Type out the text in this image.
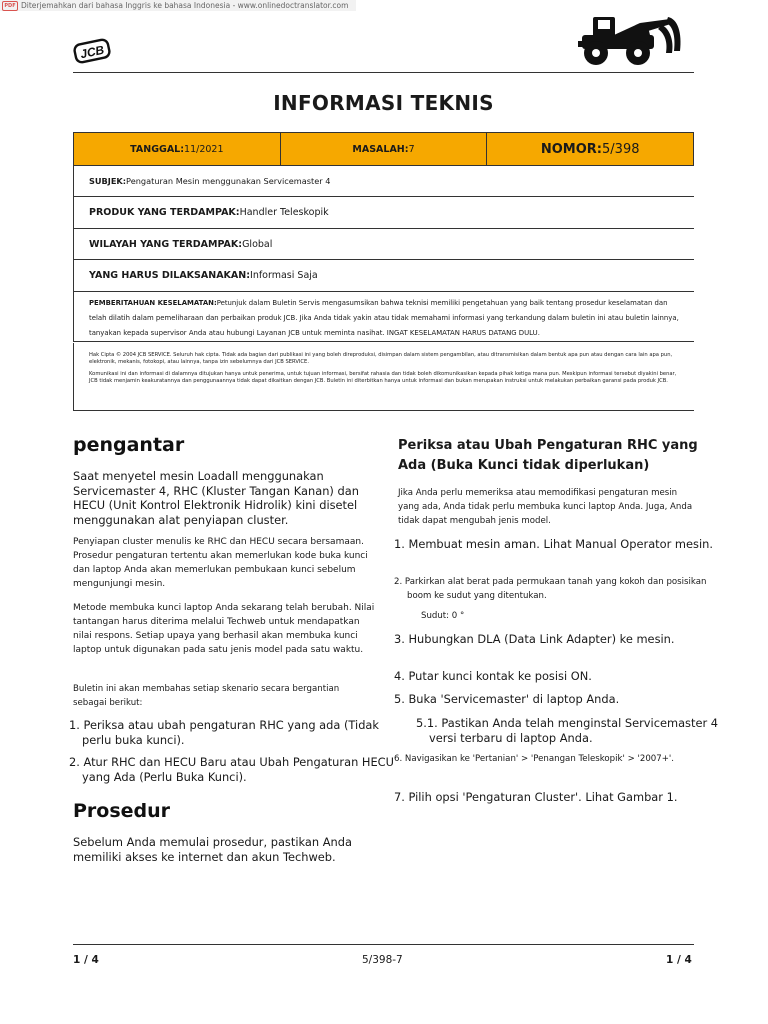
PDF Diterjemahkan dari bahasa Inggris ke bahasa Indonesia - www.onlinedoctranslator.com
JCB
INFORMASI TEKNIS
TANGGAL: 11/2021	MASALAH: 7	NOMOR: 5/398
SUBJEK: Pengaturan Mesin menggunakan Servicemaster 4
PRODUK YANG TERDAMPAK: Handler Teleskopik
WILAYAH YANG TERDAMPAK: Global
YANG HARUS DILAKSANAKAN: Informasi Saja
PEMBERITAHUAN KESELAMATAN:Petunjuk dalam Buletin Servis mengasumsikan bahwa teknisi memiliki pengetahuan yang baik tentang prosedur keselamatan dan telah dilatih dalam pemeliharaan dan perbaikan produk JCB. Jika Anda tidak yakin atau tidak memahami informasi yang terkandung dalam buletin ini atau buletin lainnya, tanyakan kepada supervisor Anda atau hubungi Layanan JCB untuk meminta nasihat. INGAT KESELAMATAN HARUS DATANG DULU.

Hak Cipta © 2004 JCB SERVICE. Seluruh hak cipta. Tidak ada bagian dari publikasi ini yang boleh direproduksi, disimpan dalam sistem pengambilan, atau ditransmisikan dalam bentuk apa pun atau dengan cara lain apa pun, elektronik, mekanis, fotokopi, atau lainnya, tanpa izin sebelumnya dari JCB SERVICE.

Komunikasi ini dan informasi di dalamnya ditujukan hanya untuk penerima, untuk tujuan informasi, bersifat rahasia dan tidak boleh dikomunikasikan kepada pihak ketiga mana pun. Meskipun informasi tersebut diyakini benar, JCB tidak menjamin keakuratannya dan penggunaannya tidak dapat dikaitkan dengan JCB. Buletin ini diterbitkan hanya untuk informasi dan bukan merupakan instruksi untuk melakukan perbaikan garansi pada produk JCB.

pengantar
Saat menyetel mesin Loadall menggunakan Servicemaster 4, RHC (Kluster Tangan Kanan) dan HECU (Unit Kontrol Elektronik Hidrolik) kini disetel menggunakan alat penyiapan cluster.
Penyiapan cluster menulis ke RHC dan HECU secara bersamaan. Prosedur pengaturan tertentu akan memerlukan kode buka kunci dan laptop Anda akan memerlukan pembukaan kunci sebelum mengunjungi mesin.
Metode membuka kunci laptop Anda sekarang telah berubah. Nilai tantangan harus diterima melalui Techweb untuk mendapatkan nilai respons. Setiap upaya yang berhasil akan membuka kunci laptop untuk digunakan pada satu jenis model pada satu waktu.
Buletin ini akan membahas setiap skenario secara bergantian sebagai berikut:
1. Periksa atau ubah pengaturan RHC yang ada (Tidak perlu buka kunci).
2. Atur RHC dan HECU Baru atau Ubah Pengaturan HECU yang Ada (Perlu Buka Kunci).
Prosedur
Sebelum Anda memulai prosedur, pastikan Anda memiliki akses ke internet dan akun Techweb.
Periksa atau Ubah Pengaturan RHC yang Ada (Buka Kunci tidak diperlukan)
Jika Anda perlu memeriksa atau memodifikasi pengaturan mesin yang ada, Anda tidak perlu membuka kunci laptop Anda. Juga, Anda tidak dapat mengubah jenis model.
1. Membuat mesin aman. Lihat Manual Operator mesin.
2. Parkirkan alat berat pada permukaan tanah yang kokoh dan posisikan boom ke sudut yang ditentukan.
Sudut: 0 °
3. Hubungkan DLA (Data Link Adapter) ke mesin.
4. Putar kunci kontak ke posisi ON.
5. Buka 'Servicemaster' di laptop Anda.
5.1. Pastikan Anda telah menginstal Servicemaster 4 versi terbaru di laptop Anda.
6. Navigasikan ke 'Pertanian' > 'Penangan Teleskopik' > '2007+'.
7. Pilih opsi 'Pengaturan Cluster'. Lihat Gambar 1.
1 / 4	5/398-7	1 / 4
